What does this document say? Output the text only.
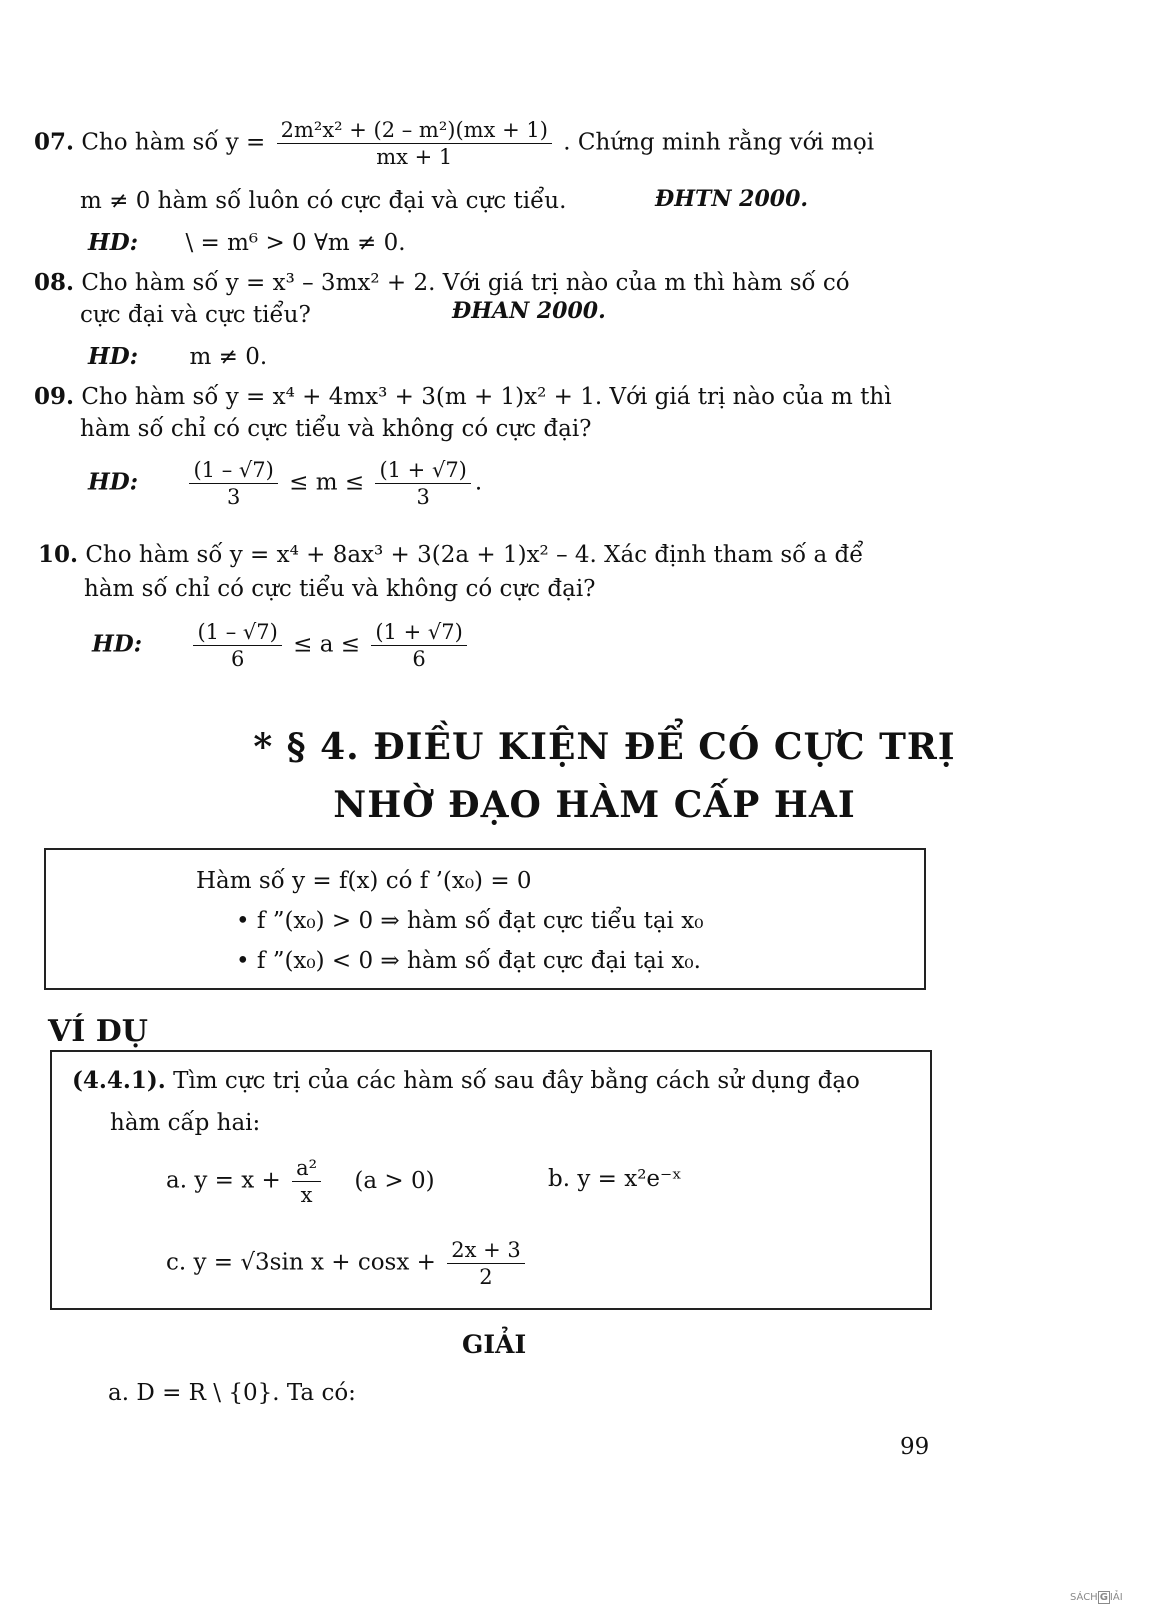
07. Cho hàm số $y = \frac{\text{2m²x² + (2 – m²)(mx + 1)}}{mx + 1}$ . Chứng minh rằng với mọi
m ≠ 0 hàm số luôn có cực đại và cực tiểu.	ĐHTN 2000.
HD: \ = m⁶ > 0 ∀m ≠ 0.
08. Cho hàm số y = x³ – 3mx² + 2. Với giá trị nào của m thì hàm số có
cực đại và cực tiểu?	ĐHAN 2000.
HD: m ≠ 0.
09. Cho hàm số y = x⁴ + 4mx³ + 3(m + 1)x² + 1. Với giá trị nào của m thì
hàm số chỉ có cực tiểu và không có cực đại?
HD: $\frac{(1 - √7)}{3} \le m \le \frac{(1 + √7)}{3}$ .
10. Cho hàm số y = x⁴ + 8ax³ + 3(2a + 1)x² – 4. Xác định tham số a để
hàm số chỉ có cực tiểu và không có cực đại?
HD: $\frac{(1 - √7)}{6} \le a \le \frac{(1 + √7)}{6}$
* § 4. ĐIỀU KIỆN ĐỂ CÓ CỰC TRỊ
NHỜ ĐẠO HÀM CẤP HAI
Hàm số y = f(x) có f ’(x₀) = 0
• f ”(x₀) > 0 ⇒ hàm số đạt cực tiểu tại x₀
• f ”(x₀) < 0 ⇒ hàm số đạt cực đại tại x₀.
VÍ DỤ
(4.4.1). Tìm cực trị của các hàm số sau đây bằng cách sử dụng đạo
hàm cấp hai:
a. $y = x + \frac{\text{a²}}{x} (a > 0)$	b. y = x²e⁻ˣ
c. y = √3sin $x + \cos x + \frac{2x + 3}{2}$
GIẢI
a. D = R \ {0}. Ta có:
99
SÁCH G IẢI
